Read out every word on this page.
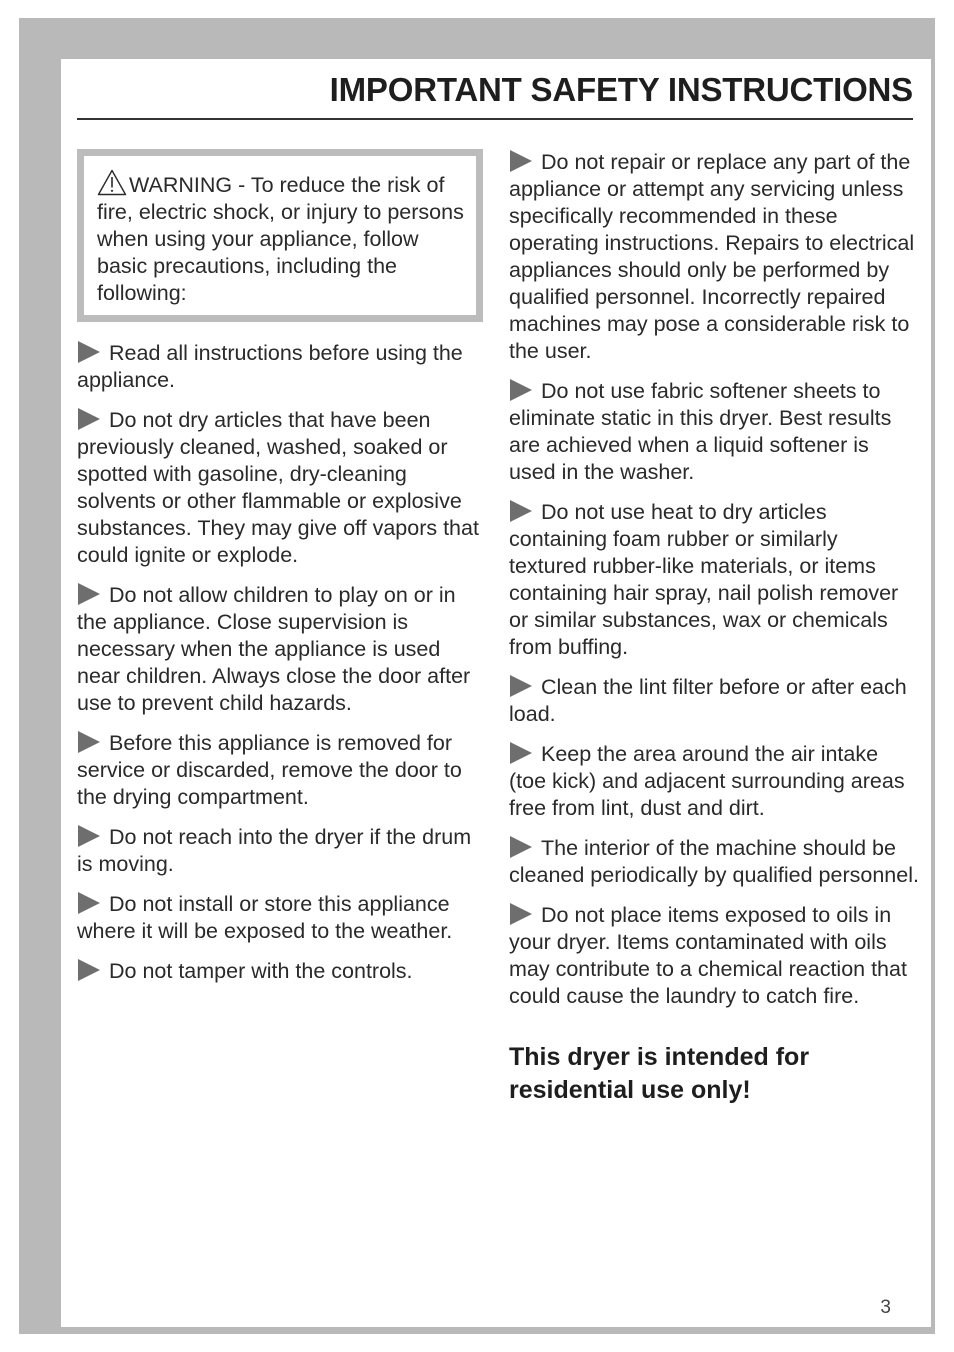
IMPORTANT SAFETY INSTRUCTIONS
WARNING - To reduce the risk of fire, electric shock, or injury to persons when using your appliance, follow basic precautions, including the following:
Read all instructions before using the appliance.
Do not dry articles that have been previously cleaned, washed, soaked or spotted with gasoline, dry-cleaning solvents or other flammable or explosive substances. They may give off vapors that could ignite or explode.
Do not allow children to play on or in the appliance. Close supervision is necessary when the appliance is used near children. Always close the door after use to prevent child hazards.
Before this appliance is removed for service or discarded, remove the door to the drying compartment.
Do not reach into the dryer if the drum is moving.
Do not install or store this appliance where it will be exposed to the weather.
Do not tamper with the controls.
Do not repair or replace any part of the appliance or attempt any servicing unless specifically recommended in these operating instructions. Repairs to electrical appliances should only be performed by qualified personnel. Incorrectly repaired machines may pose a considerable risk to the user.
Do not use fabric softener sheets to eliminate static in this dryer. Best results are achieved when a liquid softener is used in the washer.
Do not use heat to dry articles containing foam rubber or similarly textured rubber-like materials, or items containing hair spray, nail polish remover or similar substances, wax or chemicals from buffing.
Clean the lint filter before or after each load.
Keep the area around the air intake (toe kick) and adjacent surrounding areas free from lint, dust and dirt.
The interior of the machine should be cleaned periodically by qualified personnel.
Do not place items exposed to oils in your dryer. Items contaminated with oils may contribute to a chemical reaction that could cause the laundry to catch fire.
This dryer is intended for residential use only!
3
